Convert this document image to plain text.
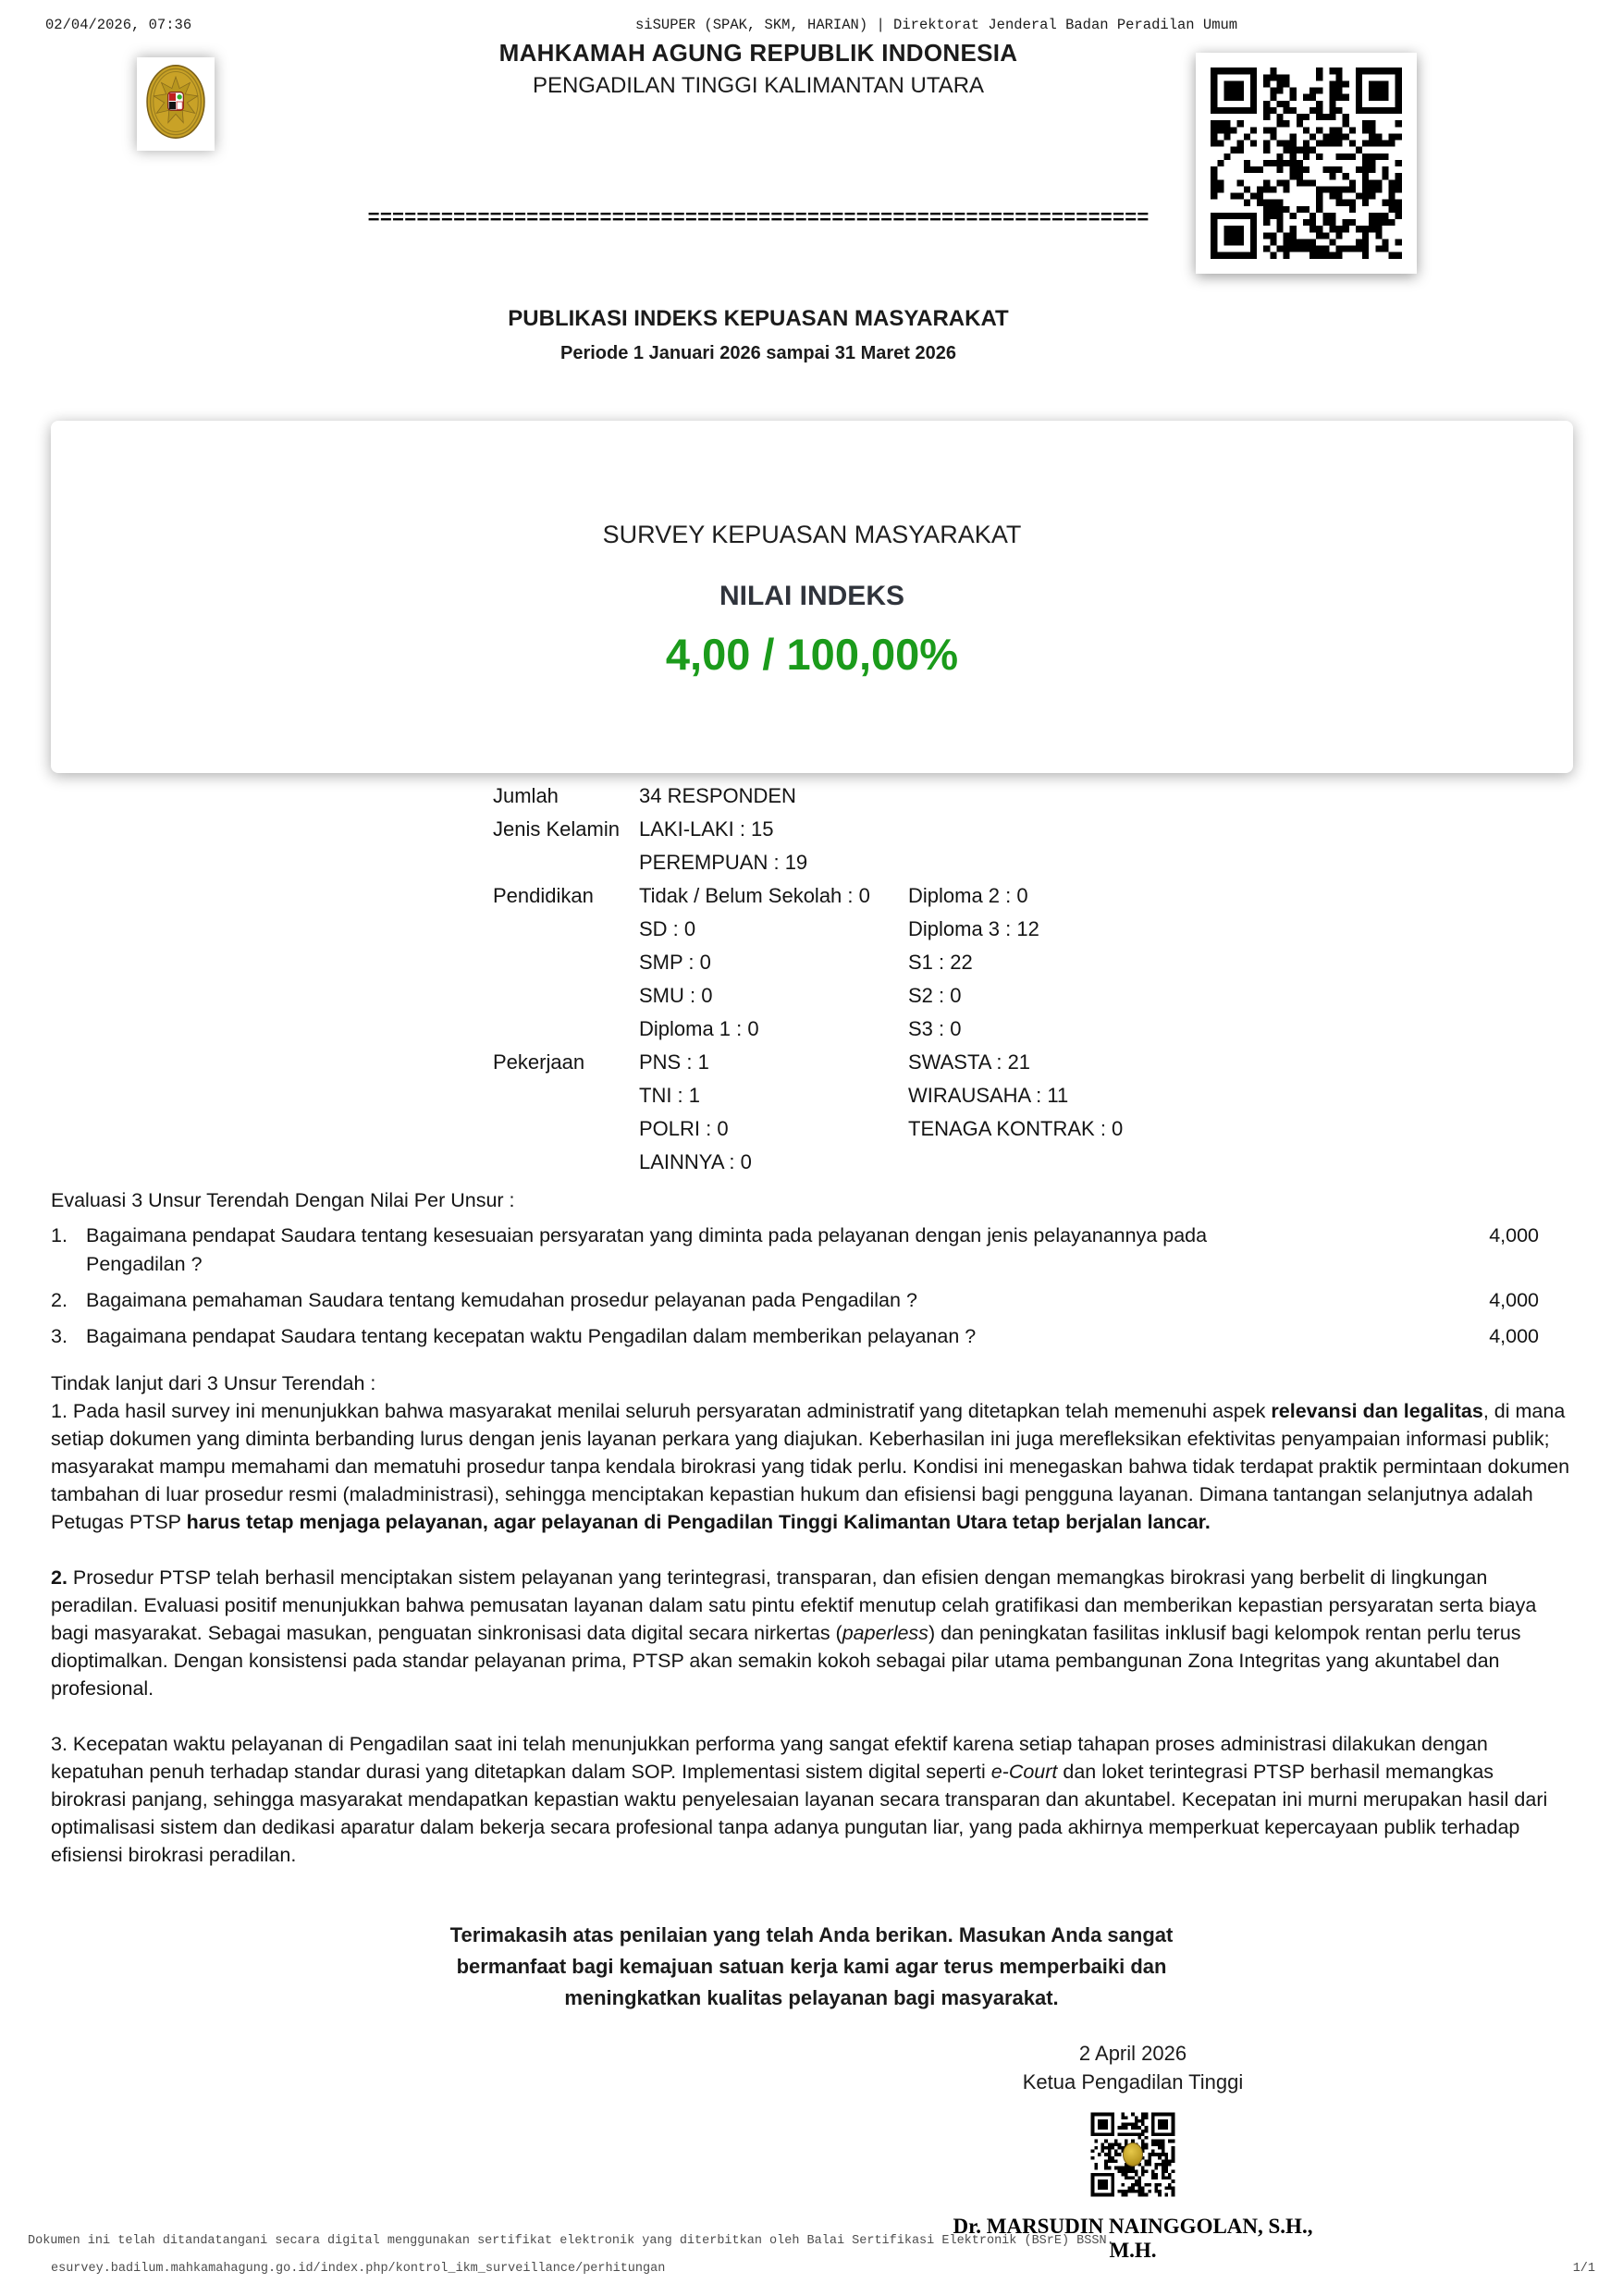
02/04/2026, 07:36	siSUPER (SPAK, SKM, HARIAN) | Direktorat Jenderal Badan Peradilan Umum
MAHKAMAH AGUNG REPUBLIK INDONESIA
PENGADILAN TINGGI KALIMANTAN UTARA
================================================================
PUBLIKASI INDEKS KEPUASAN MASYARAKAT
Periode 1 Januari 2026 sampai 31 Maret 2026
SURVEY KEPUASAN MASYARAKAT
NILAI INDEKS
4,00 / 100,00%
Jumlah	34 RESPONDEN
Jenis Kelamin LAKI-LAKI : 15
PEREMPUAN : 19
Pendidikan	Tidak / Belum Sekolah : 0	Diploma 2 : 0
SD : 0	Diploma 3 : 12
SMP : 0	S1 : 22
SMU : 0	S2 : 0
Diploma 1 : 0	S3 : 0
Pekerjaan	PNS : 1	SWASTA : 21
TNI : 1	WIRAUSAHA : 11
POLRI : 0	TENAGA KONTRAK : 0
LAINNYA : 0
Evaluasi 3 Unsur Terendah Dengan Nilai Per Unsur :
1. Bagaimana pendapat Saudara tentang kesesuaian persyaratan yang diminta pada pelayanan dengan jenis pelayanannya pada Pengadilan ?
4,000
2. Bagaimana pemahaman Saudara tentang kemudahan prosedur pelayanan pada Pengadilan ?	4,000
3. Bagaimana pendapat Saudara tentang kecepatan waktu Pengadilan dalam memberikan pelayanan ?	4,000

Tindak lanjut dari 3 Unsur Terendah :

1. Pada hasil survey ini menunjukkan bahwa masyarakat menilai seluruh persyaratan administratif yang ditetapkan telah memenuhi aspek relevansi dan legalitas, di mana setiap dokumen yang diminta berbanding lurus dengan jenis layanan perkara yang diajukan. Keberhasilan ini juga merefleksikan efektivitas penyampaian informasi publik; masyarakat mampu memahami dan mematuhi prosedur tanpa kendala birokrasi yang tidak perlu. Kondisi ini menegaskan bahwa tidak terdapat praktik permintaan dokumen tambahan di luar prosedur resmi (maladministrasi), sehingga menciptakan kepastian hukum dan efisiensi bagi pengguna layanan. Dimana tantangan selanjutnya adalah Petugas PTSP harus tetap menjaga pelayanan, agar pelayanan di Pengadilan Tinggi Kalimantan Utara tetap berjalan lancar.

2. Prosedur PTSP telah berhasil menciptakan sistem pelayanan yang terintegrasi, transparan, dan efisien dengan memangkas birokrasi yang berbelit di lingkungan peradilan. Evaluasi positif menunjukkan bahwa pemusatan layanan dalam satu pintu efektif menutup celah gratifikasi dan memberikan kepastian persyaratan serta biaya bagi masyarakat. Sebagai masukan, penguatan sinkronisasi data digital secara nirkertas (paperless) dan peningkatan fasilitas inklusif bagi kelompok rentan perlu terus dioptimalkan. Dengan konsistensi pada standar pelayanan prima, PTSP akan semakin kokoh sebagai pilar utama pembangunan Zona Integritas yang akuntabel dan profesional.

3. Kecepatan waktu pelayanan di Pengadilan saat ini telah menunjukkan performa yang sangat efektif karena setiap tahapan proses administrasi dilakukan dengan kepatuhan penuh terhadap standar durasi yang ditetapkan dalam SOP. Implementasi sistem digital seperti e-Court dan loket terintegrasi PTSP berhasil memangkas birokrasi panjang, sehingga masyarakat mendapatkan kepastian waktu penyelesaian layanan secara transparan dan akuntabel. Kecepatan ini murni merupakan hasil dari optimalisasi sistem dan dedikasi aparatur dalam bekerja secara profesional tanpa adanya pungutan liar, yang pada akhirnya memperkuat kepercayaan publik terhadap efisiensi birokrasi peradilan.

Terimakasih atas penilaian yang telah Anda berikan. Masukan Anda sangat
bermanfaat bagi kemajuan satuan kerja kami agar terus memperbaiki dan
meningkatkan kualitas pelayanan bagi masyarakat.
2 April 2026
Ketua Pengadilan Tinggi
Dr. MARSUDIN NAINGGOLAN, S.H., M.H.
Dokumen ini telah ditandatangani secara digital menggunakan sertifikat elektronik yang diterbitkan oleh Balai Sertifikasi Elektronik (BSrE) BSSN.
esurvey.badilum.mahkamahagung.go.id/index.php/kontrol_ikm_surveillance/perhitungan	1/1
